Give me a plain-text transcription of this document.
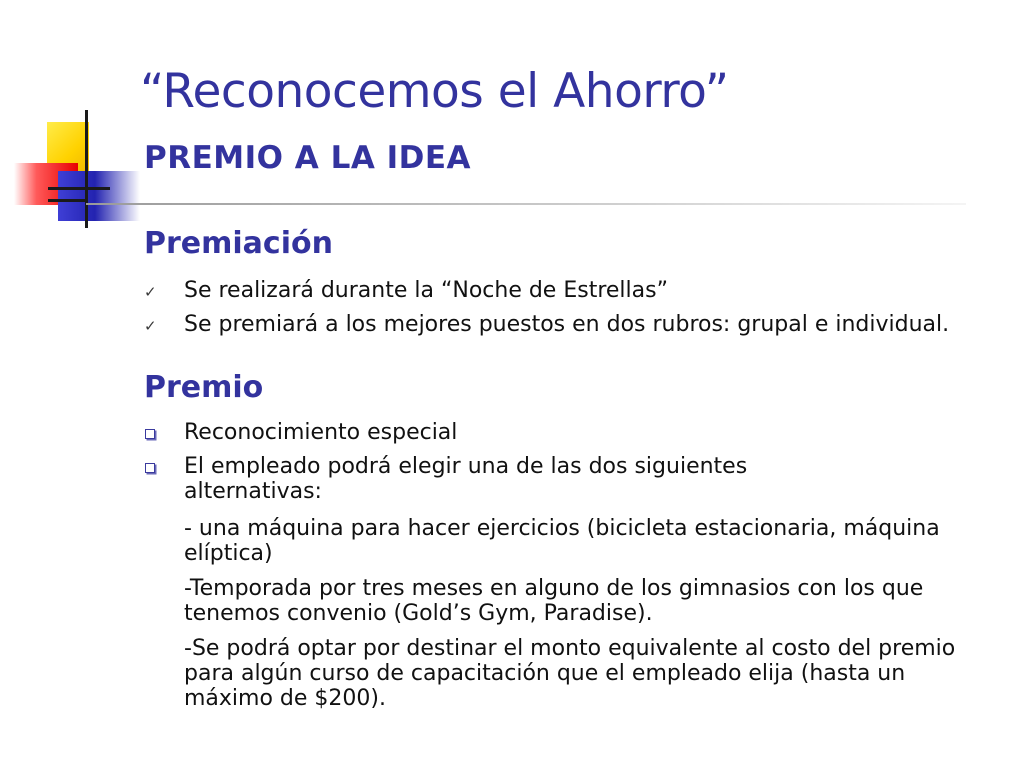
“Reconocemos el Ahorro”
PREMIO A LA IDEA
Premiación
✓ Se realizará durante la “Noche de Estrellas”
✓ Se premiará a los mejores puestos en dos rubros: grupal e individual.
Premio
Reconocimiento especial
El empleado podrá elegir una de las dos siguientes alternativas:
- una máquina para hacer ejercicios (bicicleta estacionaria, máquina elíptica)
-Temporada por tres meses en alguno de los gimnasios con los que tenemos convenio (Gold’s Gym, Paradise).
-Se podrá optar por destinar el monto equivalente al costo del premio para algún curso de capacitación que el empleado elija (hasta un máximo de $200).
